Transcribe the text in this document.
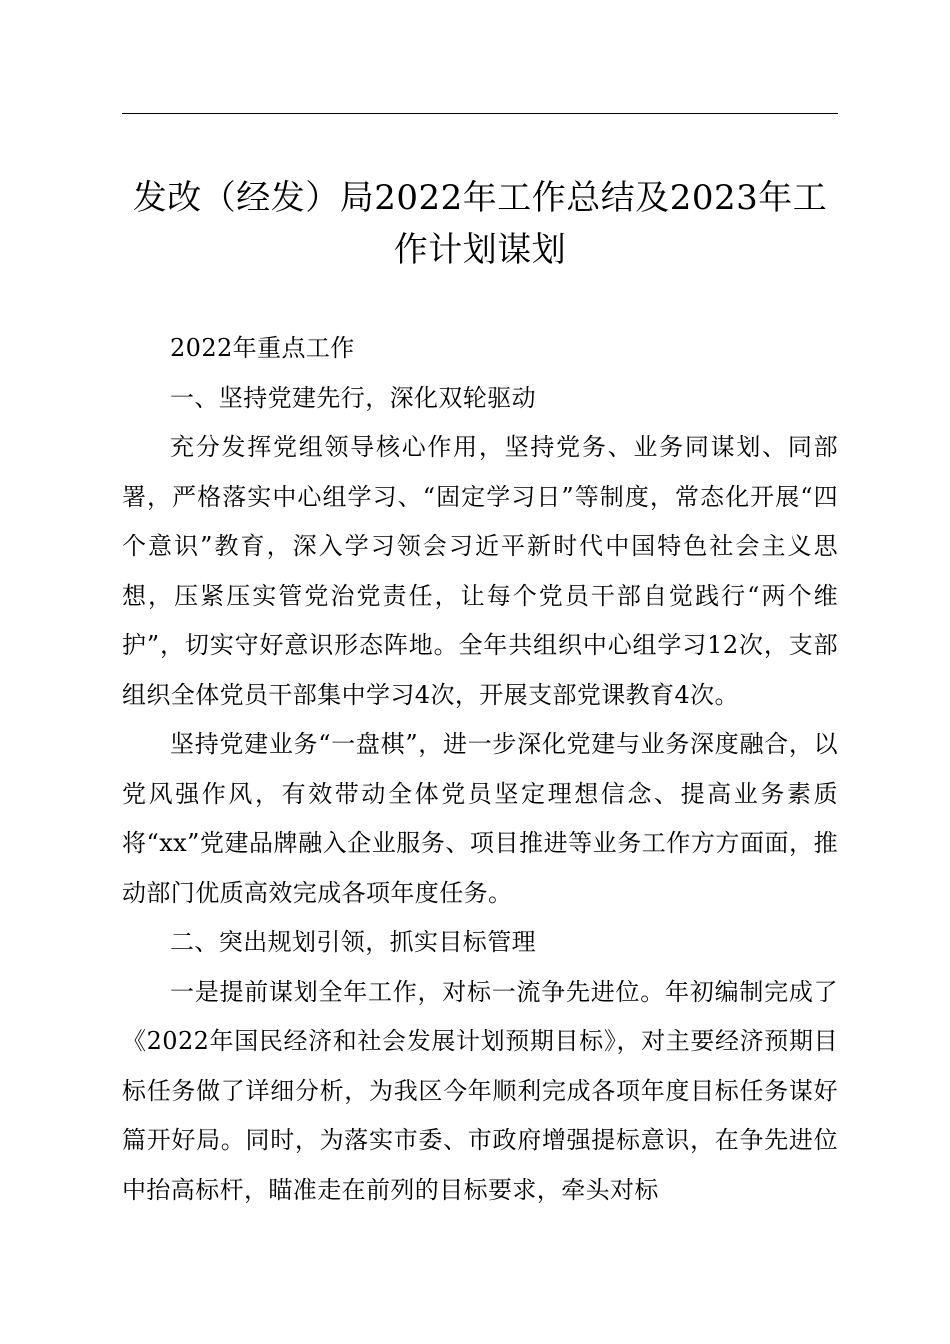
发改（经发）局2022年工作总结及2023年工作计划谋划

2022年重点工作

一、坚持党建先行，深化双轮驱动

充分发挥党组领导核心作用，坚持党务、业务同谋划、同部署，严格落实中心组学习、“固定学习日”等制度，常态化开展“四个意识”教育，深入学习领会习近平新时代中国特色社会主义思想，压紧压实管党治党责任，让每个党员干部自觉践行“两个维护”，切实守好意识形态阵地。全年共组织中心组学习12次，支部组织全体党员干部集中学习4次，开展支部党课教育4次。

坚持党建业务“一盘棋”，进一步深化党建与业务深度融合，以党风强作风，有效带动全体党员坚定理想信念、提高业务素质将“xx”党建品牌融入企业服务、项目推进等业务工作方方面面，推动部门优质高效完成各项年度任务。

二、突出规划引领，抓实目标管理

一是提前谋划全年工作，对标一流争先进位。年初编制完成了《2022年国民经济和社会发展计划预期目标》，对主要经济预期目标任务做了详细分析，为我区今年顺利完成各项年度目标任务谋好篇开好局。同时，为落实市委、市政府增强提标意识，在争先进位中抬高标杆，瞄准走在前列的目标要求，牵头对标
